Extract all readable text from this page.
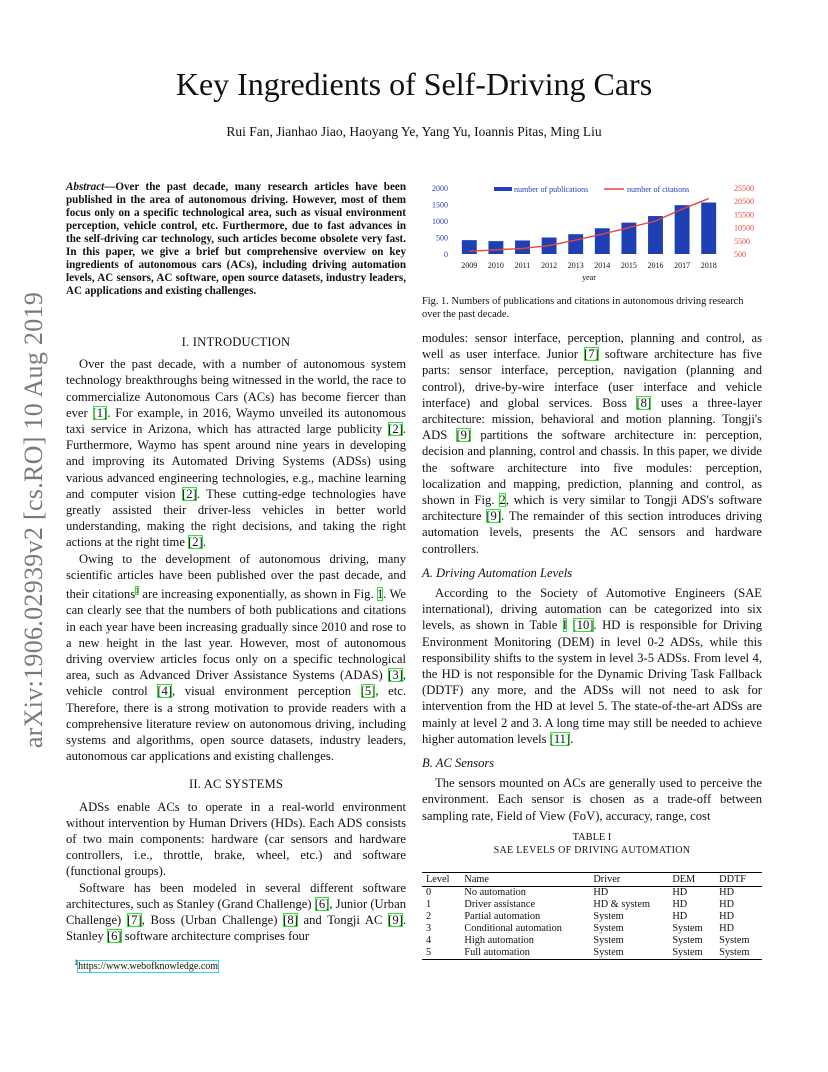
arXiv:1906.02939v2 [cs.RO] 10 Aug 2019
Key Ingredients of Self-Driving Cars
Rui Fan, Jianhao Jiao, Haoyang Ye, Yang Yu, Ioannis Pitas, Ming Liu
Abstract—Over the past decade, many research articles have been published in the area of autonomous driving. However, most of them focus only on a specific technological area, such as visual environment perception, vehicle control, etc. Furthermore, due to fast advances in the self-driving car technology, such articles become obsolete very fast. In this paper, we give a brief but comprehensive overview on key ingredients of autonomous cars (ACs), including driving automation levels, AC sensors, AC software, open source datasets, industry leaders, AC applications and existing challenges.
I. INTRODUCTION

Over the past decade, with a number of autonomous system technology breakthroughs being witnessed in the world, the race to commercialize Autonomous Cars (ACs) has become fiercer than ever [1]. For example, in 2016, Waymo unveiled its autonomous taxi service in Arizona, which has attracted large publicity [2]. Furthermore, Waymo has spent around nine years in developing and improving its Automated Driving Systems (ADSs) using various advanced engineering technologies, e.g., machine learning and computer vision [2]. These cutting-edge technologies have greatly assisted their driver-less vehicles in better world understanding, making the right decisions, and taking the right actions at the right time [2].

Owing to the development of autonomous driving, many scientific articles have been published over the past decade, and their citations$^1$ are increasing exponentially, as shown in Fig. 1. We can clearly see that the numbers of both publications and citations in each year have been increasing gradually since 2010 and rose to a new height in the last year. However, most of autonomous driving overview articles focus only on a specific technological area, such as Advanced Driver Assistance Systems (ADAS) [3], vehicle control [4], visual environment perception [5], etc. Therefore, there is a strong motivation to provide readers with a comprehensive literature review on autonomous driving, including systems and algorithms, open source datasets, industry leaders, autonomous car applications and existing challenges.

II. AC SYSTEMS

ADSs enable ACs to operate in a real-world environment without intervention by Human Drivers (HDs). Each ADS consists of two main components: hardware (car sensors and hardware controllers, i.e., throttle, brake, wheel, etc.) and software (functional groups).

Software has been modeled in several different software architectures, such as Stanley (Grand Challenge) [6], Junior (Urban Challenge) [7], Boss (Urban Challenge) [8] and Tongji AC [9]. Stanley [6] software architecture comprises four

$^1$https://www.webofknowledge.com
0
500
1000
1500
2000
500
5500
10500
15500
20500
25500
2009 2010 2011 2012 2013 2014 2015 2016 2017 2018
year
number of publications	number of citations
Fig. 1. Numbers of publications and citations in autonomous driving research over the past decade.

modules: sensor interface, perception, planning and control, as well as user interface. Junior [7] software architecture has five parts: sensor interface, perception, navigation (planning and control), drive-by-wire interface (user interface and vehicle interface) and global services. Boss [8] uses a three-layer architecture: mission, behavioral and motion planning. Tongji's ADS [9] partitions the software architecture in: perception, decision and planning, control and chassis. In this paper, we divide the software architecture into five modules: perception, localization and mapping, prediction, planning and control, as shown in Fig. 2, which is very similar to Tongji ADS's software architecture [9]. The remainder of this section introduces driving automation levels, presents the AC sensors and hardware controllers.

A. Driving Automation Levels

According to the Society of Automotive Engineers (SAE international), driving automation can be categorized into six levels, as shown in Table I [10]. HD is responsible for Driving Environment Monitoring (DEM) in level 0-2 ADSs, while this responsibility shifts to the system in level 3-5 ADSs. From level 4, the HD is not responsible for the Dynamic Driving Task Fallback (DDTF) any more, and the ADSs will not need to ask for intervention from the HD at level 5. The state-of-the-art ADSs are mainly at level 2 and 3. A long time may still be needed to achieve higher automation levels [11].

B. AC Sensors

The sensors mounted on ACs are generally used to perceive the environment. Each sensor is chosen as a trade-off between sampling rate, Field of View (FoV), accuracy, range, cost

TABLE I
SAE LEVELS OF DRIVING AUTOMATION
Level	Name	Driver	DEM	DDTF
0	No automation	HD	HD	HD
1	Driver assistance	HD & system	HD	HD
2	Partial automation	System	HD	HD
3	Conditional automation	System	System	HD
4	High automation	System	System	System
5	Full automation	System	System	System
